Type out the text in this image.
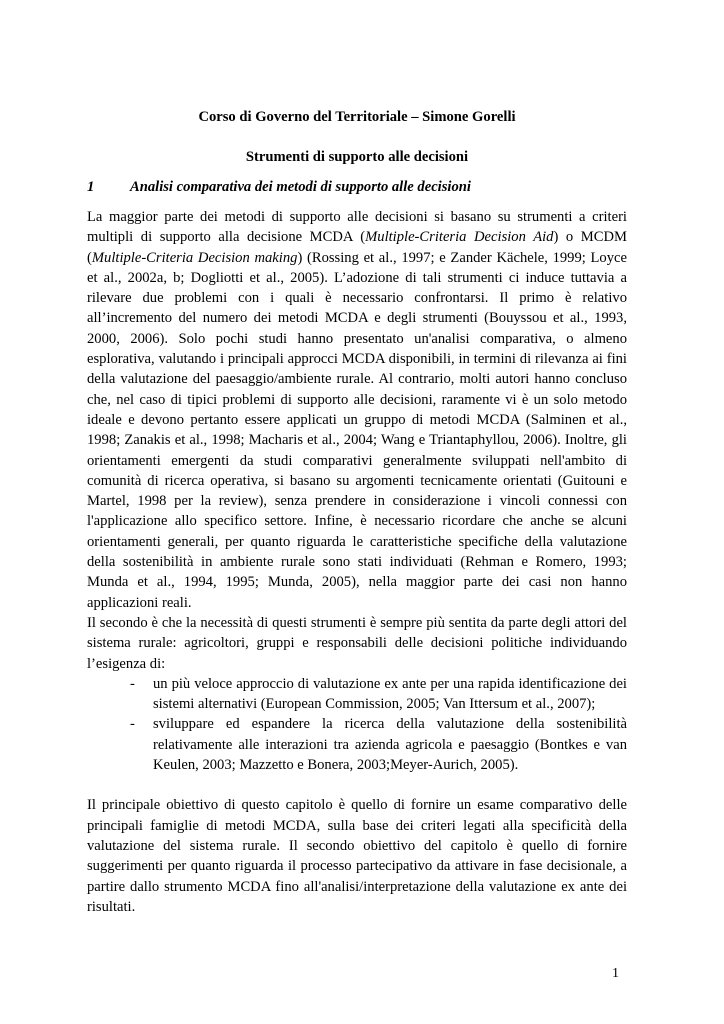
Corso di Governo del Territoriale – Simone Gorelli
Strumenti di supporto alle decisioni
1 Analisi comparativa dei metodi di supporto alle decisioni

La maggior parte dei metodi di supporto alle decisioni si basano su strumenti a criteri multipli di supporto alla decisione MCDA (Multiple-Criteria Decision Aid) o MCDM (Multiple-Criteria Decision making) (Rossing et al., 1997; e Zander Kächele, 1999; Loyce et al., 2002a, b; Dogliotti et al., 2005). L’adozione di tali strumenti ci induce tuttavia a rilevare due problemi con i quali è necessario confrontarsi. Il primo è relativo all’incremento del numero dei metodi MCDA e degli strumenti (Bouyssou et al., 1993, 2000, 2006). Solo pochi studi hanno presentato un'analisi comparativa, o almeno esplorativa, valutando i principali approcci MCDA disponibili, in termini di rilevanza ai fini della valutazione del paesaggio/ambiente rurale. Al contrario, molti autori hanno concluso che, nel caso di tipici problemi di supporto alle decisioni, raramente vi è un solo metodo ideale e devono pertanto essere applicati un gruppo di metodi MCDA (Salminen et al., 1998; Zanakis et al., 1998; Macharis et al., 2004; Wang e Triantaphyllou, 2006). Inoltre, gli orientamenti emergenti da studi comparativi generalmente sviluppati nell'ambito di comunità di ricerca operativa, si basano su argomenti tecnicamente orientati (Guitouni e Martel, 1998 per la review), senza prendere in considerazione i vincoli connessi con l'applicazione allo specifico settore. Infine, è necessario ricordare che anche se alcuni orientamenti generali, per quanto riguarda le caratteristiche specifiche della valutazione della sostenibilità in ambiente rurale sono stati individuati (Rehman e Romero, 1993; Munda et al., 1994, 1995; Munda, 2005), nella maggior parte dei casi non hanno applicazioni reali.

Il secondo è che la necessità di questi strumenti è sempre più sentita da parte degli attori del sistema rurale: agricoltori, gruppi e responsabili delle decisioni politiche individuando l’esigenza di:

- un più veloce approccio di valutazione ex ante per una rapida identificazione dei sistemi alternativi (European Commission, 2005; Van Ittersum et al., 2007);
- sviluppare ed espandere la ricerca della valutazione della sostenibilità relativamente alle interazioni tra azienda agricola e paesaggio (Bontkes e van Keulen, 2003; Mazzetto e Bonera, 2003;Meyer-Aurich, 2005).

Il principale obiettivo di questo capitolo è quello di fornire un esame comparativo delle principali famiglie di metodi MCDA, sulla base dei criteri legati alla specificità della valutazione del sistema rurale. Il secondo obiettivo del capitolo è quello di fornire suggerimenti per quanto riguarda il processo partecipativo da attivare in fase decisionale, a partire dallo strumento MCDA fino all'analisi/interpretazione della valutazione ex ante dei risultati.

1
